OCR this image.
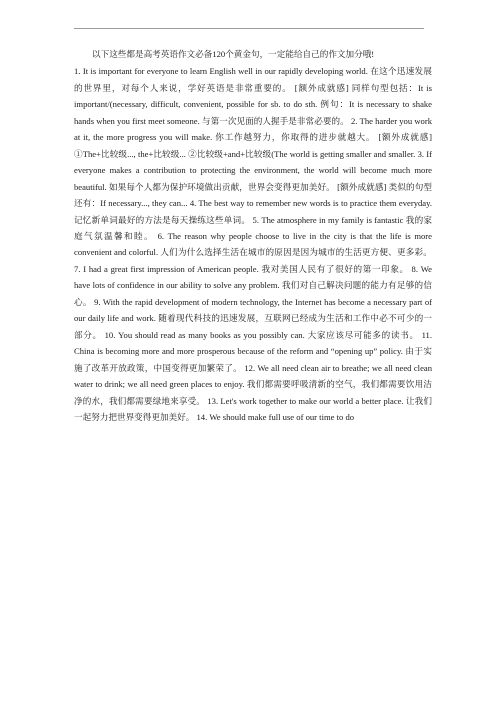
以下这些都是高考英语作文必备120个黄金句，一定能给自己的作文加分哦!

1. It is important for everyone to learn English well in our rapidly developing world. 在这个迅速发展的世界里，对每个人来说，学好英语是非常重要的。 [额外成就感] 同样句型包括：It is important/(necessary, difficult, convenient, possible for sb. to do sth. 例句：It is necessary to shake hands when you first meet someone. 与第一次见面的人握手是非常必要的。 2. The harder you work at it, the more progress you will make. 你工作越努力，你取得的进步就越大。 [额外成就感] ①The+比较级..., the+比较级... ②比较级+and+比较级(The world is getting smaller and smaller. 3. If everyone makes a contribution to protecting the environment, the world will become much more beautiful. 如果每个人都为保护环境做出贡献，世界会变得更加美好。 [额外成就感] 类似的句型还有：If necessary..., they can... 4. The best way to remember new words is to practice them everyday. 记忆新单词最好的方法是每天操练这些单词。 5. The atmosphere in my family is fantastic 我的家庭气氛温馨和睦。 6. The reason why people choose to live in the city is that the life is more convenient and colorful. 人们为什么选择生活在城市的原因是因为城市的生活更方便、更多彩。 7. I had a great first impression of American people. 我对美国人民有了很好的第一印象。 8. We have lots of confidence in our ability to solve any problem. 我们对自己解决问题的能力有足够的信心。 9. With the rapid development of modern technology, the Internet has become a necessary part of our daily life and work. 随着现代科技的迅速发展，互联网已经成为生活和工作中必不可少的一部分。 10. You should read as many books as you possibly can. 大家应该尽可能多的读书。 11. China is becoming more and more prosperous because of the reform and “opening up” policy. 由于实施了改革开放政策，中国变得更加繁荣了。 12. We all need clean air to breathe; we all need clean water to drink; we all need green places to enjoy. 我们都需要呼吸清新的空气，我们都需要饮用洁净的水，我们都需要绿地来享受。 13. Let's work together to make our world a better place. 让我们一起努力把世界变得更加美好。 14. We should make full use of our time to do
